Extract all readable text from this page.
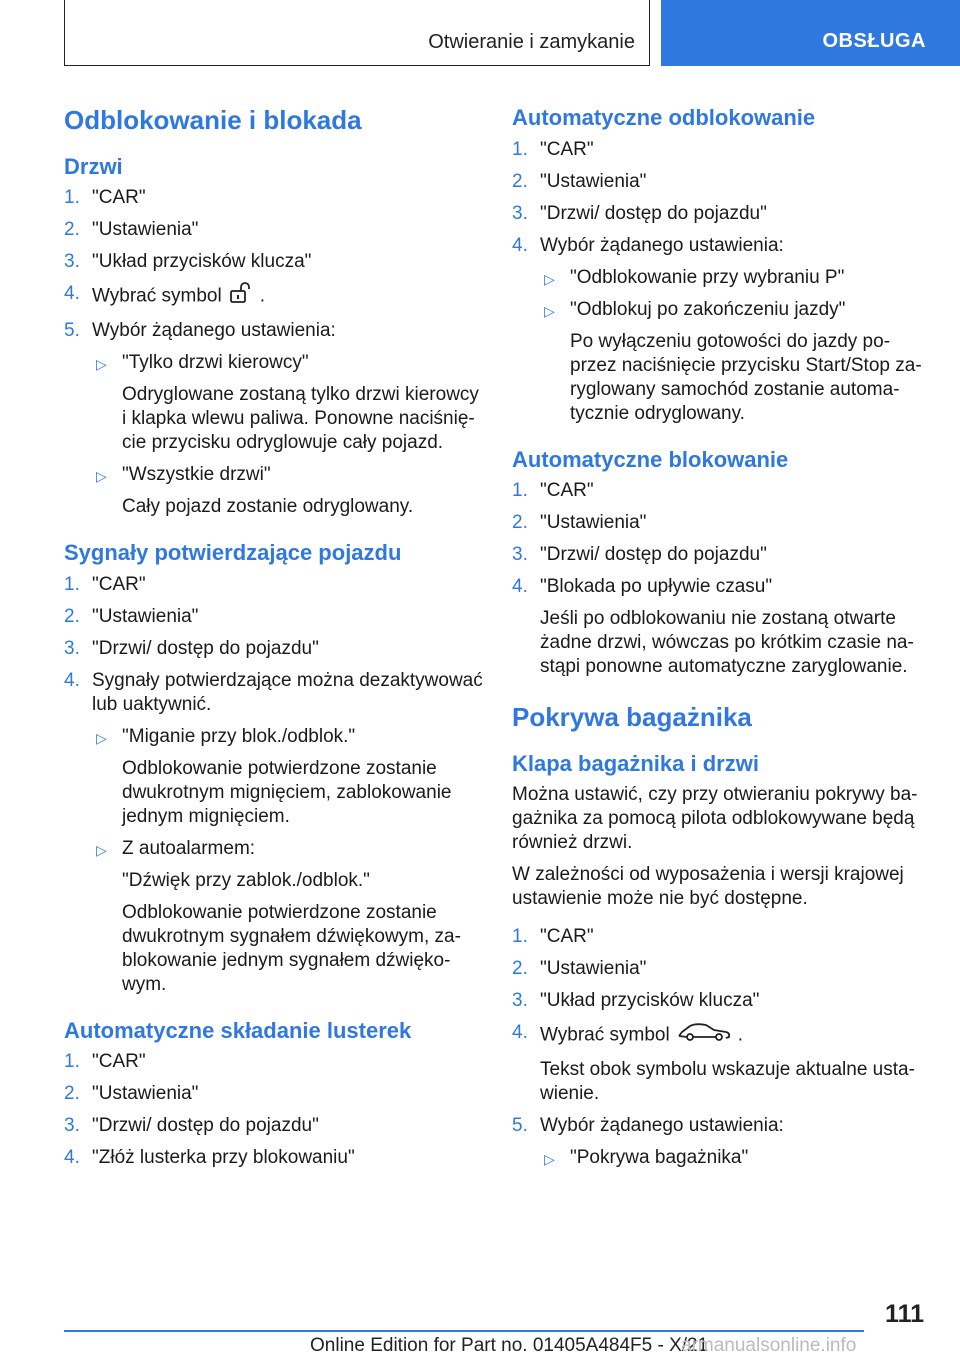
Otwieranie i zamykanie	OBSŁUGA
Odblokowanie i blokada
Drzwi
1. "CAR"
2. "Ustawienia"
3. "Układ przycisków klucza"
4. Wybrać symbol .
5. Wybór żądanego ustawienia:
▷ "Tylko drzwi kierowcy"
Odryglowane zostaną tylko drzwi kierowcy i klapka wlewu paliwa. Ponowne naciśnięcie przycisku odryglowuje cały pojazd.
▷ "Wszystkie drzwi"
Cały pojazd zostanie odryglowany.
Sygnały potwierdzające pojazdu
1. "CAR"
2. "Ustawienia"
3. "Drzwi/ dostęp do pojazdu"
4. Sygnały potwierdzające można dezaktywować lub uaktywnić.
▷ "Miganie przy blok./odblok."
Odblokowanie potwierdzone zostanie dwukrotnym mignięciem, zablokowanie jednym mignięciem.
▷ Z autoalarmem:
"Dźwięk przy zablok./odblok."
Odblokowanie potwierdzone zostanie dwukrotnym sygnałem dźwiękowym, zablokowanie jednym sygnałem dźwiękowym.
Automatyczne składanie lusterek
1. "CAR"
2. "Ustawienia"
3. "Drzwi/ dostęp do pojazdu"
4. "Złóż lusterka przy blokowaniu"
Automatyczne odblokowanie
1. "CAR"
2. "Ustawienia"
3. "Drzwi/ dostęp do pojazdu"
4. Wybór żądanego ustawienia:
▷ "Odblokowanie przy wybraniu P"
▷ "Odblokuj po zakończeniu jazdy"
Po wyłączeniu gotowości do jazdy poprzez naciśnięcie przycisku Start/Stop zaryglowany samochód zostanie automatycznie odryglowany.
Automatyczne blokowanie
1. "CAR"
2. "Ustawienia"
3. "Drzwi/ dostęp do pojazdu"
4. "Blokada po upływie czasu"
Jeśli po odblokowaniu nie zostaną otwarte żadne drzwi, wówczas po krótkim czasie nastąpi ponowne automatyczne zaryglowanie.
Pokrywa bagażnika
Klapa bagażnika i drzwi

Można ustawić, czy przy otwieraniu pokrywy bagażnika za pomocą pilota odblokowywane będą również drzwi.

W zależności od wyposażenia i wersji krajowej ustawienie może nie być dostępne.

1. "CAR"
2. "Ustawienia"
3. "Układ przycisków klucza"
4. Wybrać symbol	.
Tekst obok symbolu wskazuje aktualne ustawienie.
5. Wybór żądanego ustawienia:
▷ "Pokrywa bagażnika"
111
Online Edition for Part no. 01405A484F5 - X/21
armanualsonline.info
